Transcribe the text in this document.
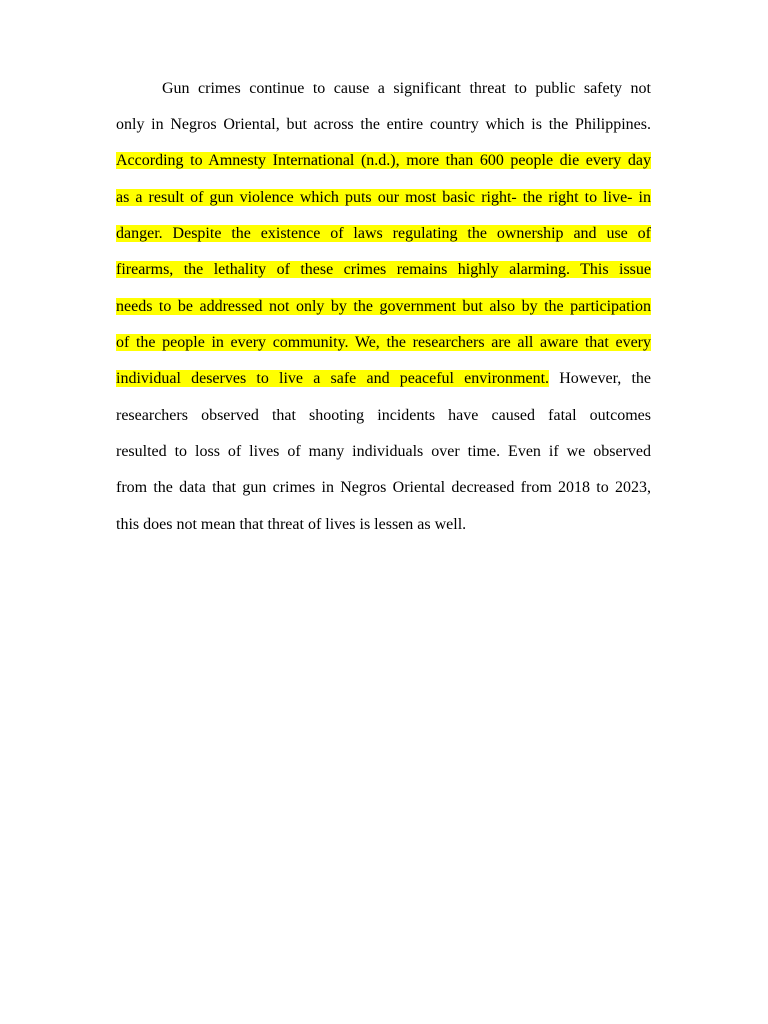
Gun crimes continue to cause a significant threat to public safety not
only in Negros Oriental, but across the entire country which is the Philippines.
According to Amnesty International (n.d.), more than 600 people die every day
as a result of gun violence which puts our most basic right- the right to live- in
danger. Despite the existence of laws regulating the ownership and use of
firearms, the lethality of these crimes remains highly alarming. This issue
needs to be addressed not only by the government but also by the participation
of the people in every community. We, the researchers are all aware that every
individual deserves to live a safe and peaceful environment. However, the
researchers observed that shooting incidents have caused fatal outcomes
resulted to loss of lives of many individuals over time. Even if we observed
from the data that gun crimes in Negros Oriental decreased from 2018 to 2023,
this does not mean that threat of lives is lessen as well.
